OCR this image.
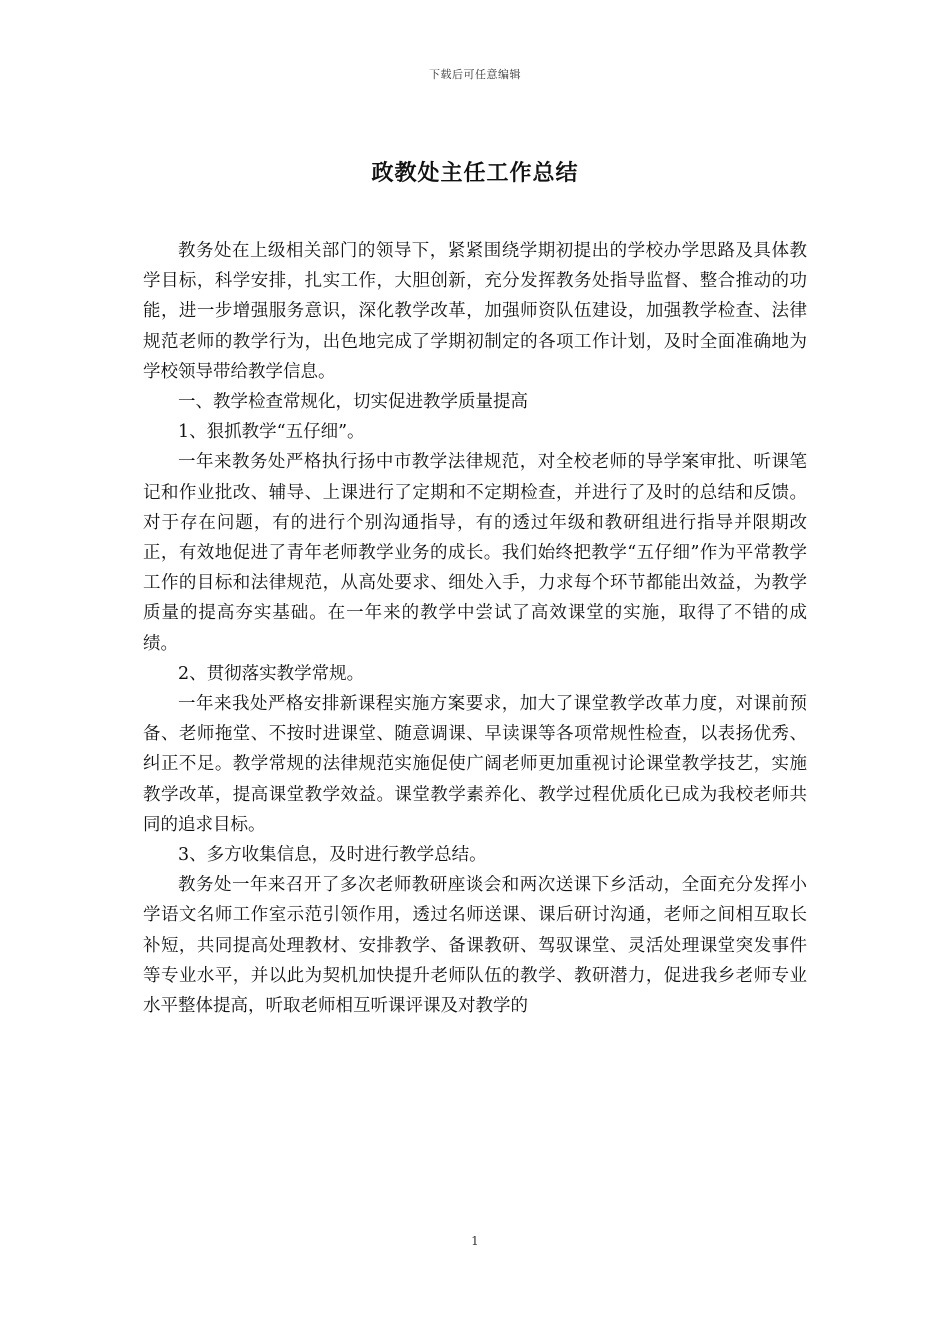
下载后可任意编辑
政教处主任工作总结

教务处在上级相关部门的领导下，紧紧围绕学期初提出的学校办学思路及具体教学目标，科学安排，扎实工作，大胆创新，充分发挥教务处指导监督、整合推动的功能，进一步增强服务意识，深化教学改革，加强师资队伍建设，加强教学检查、法律规范老师的教学行为，出色地完成了学期初制定的各项工作计划，及时全面准确地为学校领导带给教学信息。

一、教学检查常规化，切实促进教学质量提高

1、狠抓教学“五仔细”。

一年来教务处严格执行扬中市教学法律规范，对全校老师的导学案审批、听课笔记和作业批改、辅导、上课进行了定期和不定期检查，并进行了及时的总结和反馈。对于存在问题，有的进行个别沟通指导，有的透过年级和教研组进行指导并限期改正，有效地促进了青年老师教学业务的成长。我们始终把教学“五仔细”作为平常教学工作的目标和法律规范，从高处要求、细处入手，力求每个环节都能出效益，为教学质量的提高夯实基础。在一年来的教学中尝试了高效课堂的实施，取得了不错的成绩。

2、贯彻落实教学常规。

一年来我处严格安排新课程实施方案要求，加大了课堂教学改革力度，对课前预备、老师拖堂、不按时进课堂、随意调课、早读课等各项常规性检查，以表扬优秀、纠正不足。教学常规的法律规范实施促使广阔老师更加重视讨论课堂教学技艺，实施教学改革，提高课堂教学效益。课堂教学素养化、教学过程优质化已成为我校老师共同的追求目标。

3、多方收集信息，及时进行教学总结。

教务处一年来召开了多次老师教研座谈会和两次送课下乡活动，全面充分发挥小学语文名师工作室示范引领作用，透过名师送课、课后研讨沟通，老师之间相互取长补短，共同提高处理教材、安排教学、备课教研、驾驭课堂、灵活处理课堂突发事件等专业水平，并以此为契机加快提升老师队伍的教学、教研潜力，促进我乡老师专业水平整体提高，听取老师相互听课评课及对教学的

1
